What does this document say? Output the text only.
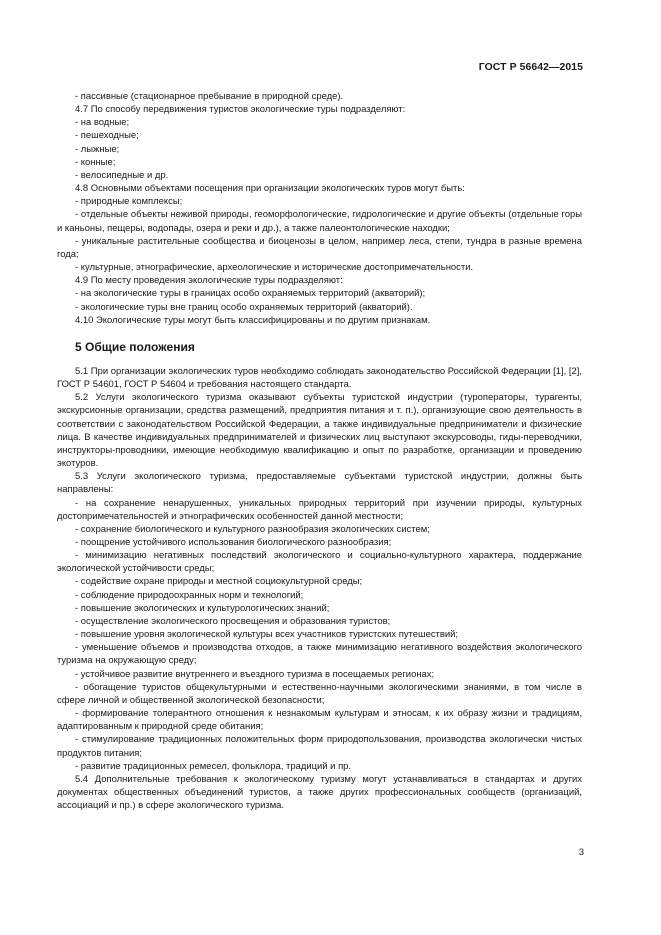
ГОСТ Р 56642—2015

- пассивные (стационарное пребывание в природной среде).

4.7 По способу передвижения туристов экологические туры подразделяют:

- на водные;

- пешеходные;

- лыжные;

- конные;

- велосипедные и др.

4.8 Основными объектами посещения при организации экологических туров могут быть:

- природные комплексы;

- отдельные объекты неживой природы, геоморфологические, гидрологические и другие объекты (отдельные горы и каньоны, пещеры, водопады, озера и реки и др.), а также палеонтологические находки;

- уникальные растительные сообщества и биоценозы в целом, например леса, степи, тундра в разные времена года;

- культурные, этнографические, археологические и исторические достопримечательности.

4.9 По месту проведения экологические туры подразделяют:

- на экологические туры в границах особо охраняемых территорий (акваторий);

- экологические туры вне границ особо охраняемых территорий (акваторий).

4.10 Экологические туры могут быть классифицированы и по другим признакам.

5 Общие положения

5.1 При организации экологических туров необходимо соблюдать законодательство Российской Федерации [1], [2], ГОСТ Р 54601, ГОСТ Р 54604 и требования настоящего стандарта.

5.2 Услуги экологического туризма оказывают субъекты туристской индустрии (туроператоры, турагенты, экскурсионные организации, средства размещений, предприятия питания и т. п.), организующие свою деятельность в соответствии с законодательством Российской Федерации, а также индивидуальные предприниматели и физические лица. В качестве индивидуальных предпринимателей и физических лиц выступают экскурсоводы, гиды-переводчики, инструкторы-проводники, имеющие необходимую квалификацию и опыт по разработке, организации и проведению экотуров.

5.3 Услуги экологического туризма, предоставляемые субъектами туристской индустрии, должны быть направлены:

- на сохранение ненарушенных, уникальных природных территорий при изучении природы, культурных достопримечательностей и этнографических особенностей данной местности;

- сохранение биологического и культурного разнообразия экологических систем;

- поощрение устойчивого использования биологического разнообразия;

- минимизацию негативных последствий экологического и социально-культурного характера, поддержание экологической устойчивости среды;

- содействие охране природы и местной социокультурной среды;

- соблюдение природоохранных норм и технологий;

- повышение экологических и культурологических знаний;

- осуществление экологического просвещения и образования туристов;

- повышение уровня экологической культуры всех участников туристских путешествий;

- уменьшение объемов и производства отходов, а также минимизацию негативного воздействия экологического туризма на окружающую среду;

- устойчивое развитие внутреннего и въездного туризма в посещаемых регионах;

- обогащение туристов общекультурными и естественно-научными экологическими знаниями, в том числе в сфере личной и общественной экологической безопасности;

- формирование толерантного отношения к незнакомым культурам и этносам, к их образу жизни и традициям, адаптированным к природной среде обитания;

- стимулирование традиционных положительных форм природопользования, производства экологически чистых продуктов питания;

- развитие традиционных ремесел, фольклора, традиций и пр.

5.4 Дополнительные требования к экологическому туризму могут устанавливаться в стандартах и других документах общественных объединений туристов, а также других профессиональных сообществ (организаций, ассоциаций и пр.) в сфере экологического туризма.

3
